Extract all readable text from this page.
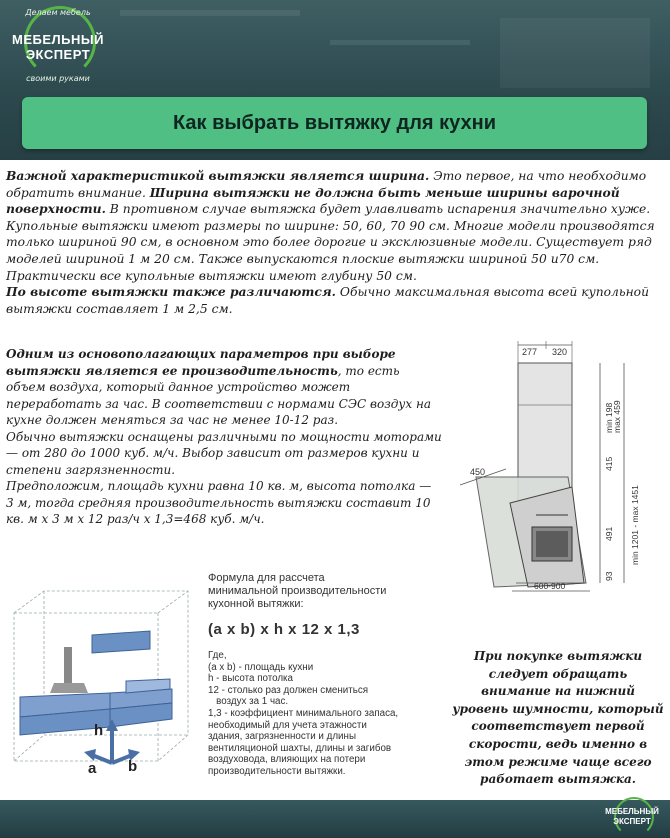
Делаем мебель
МЕБЕЛЬНЫЙ
ЭКСПЕРТ
своими руками
Как выбрать вытяжку для кухни
Важной характеристикой вытяжки является ширина. Это первое, на что необходимо обратить внимание. Ширина вытяжки не должна быть меньше ширины варочной поверхности. В противном случае вытяжка будет улавливать испарения значительно хуже.
Купольные вытяжки имеют размеры по ширине: 50, 60, 70 90 см. Многие модели производятся только шириной 90 см, в основном это более дорогие и эксклюзивные модели. Существует ряд моделей шириной 1 м 20 см. Также выпускаются плоские вытяжки шириной 50 и70 см.
Практически все купольные вытяжки имеют глубину 50 см.
По высоте вытяжки также различаются. Обычно максимальная высота всей купольной вытяжки составляет 1 м 2,5 см.
Одним из основополагающих параметров при выборе вытяжки является ее производительность, то есть объем воздуха, который данное устройство может переработать за час. В соответствии с нормами СЭС воздух на кухне должен меняться за час не менее 10-12 раз.
Обычно вытяжки оснащены различными по мощности моторами — от 280 до 1000 куб. м/ч. Выбор зависит от размеров кухни и степени загрязненности.
Предположим, площадь кухни равна 10 кв. м, высота потолка — 3 м, тогда средняя производительность вытяжки составит 10 кв. м х 3 м х 12 раз/ч х 1,3=468 куб. м/ч.
277 320
min 198
max 459
min 1201 - max 1451
415
491
93
450
600-900
h
a b
Формула для рассчета
минимальной производительности
кухонной вытяжки:
(a х b) х h х 12 х 1,3
Где,
(a x b) - площадь кухни
h - высота потолка
12 - столько раз должен смениться
воздух за 1 час.
1,3 - коэффициент минимального запаса,
необходимый для учета этажности
здания, загрязненности и длины
вентиляционой шахты, длины и загибов
воздуховода, влияющих на потери
производительности вытяжки.
При покупке вытяжки следует обращать внимание на нижний уровень шумности, который соответствует первой скорости, ведь именно в этом режиме чаще всего работает вытяжка.
МЕБЕЛЬНЫЙ
ЭКСПЕРТ
